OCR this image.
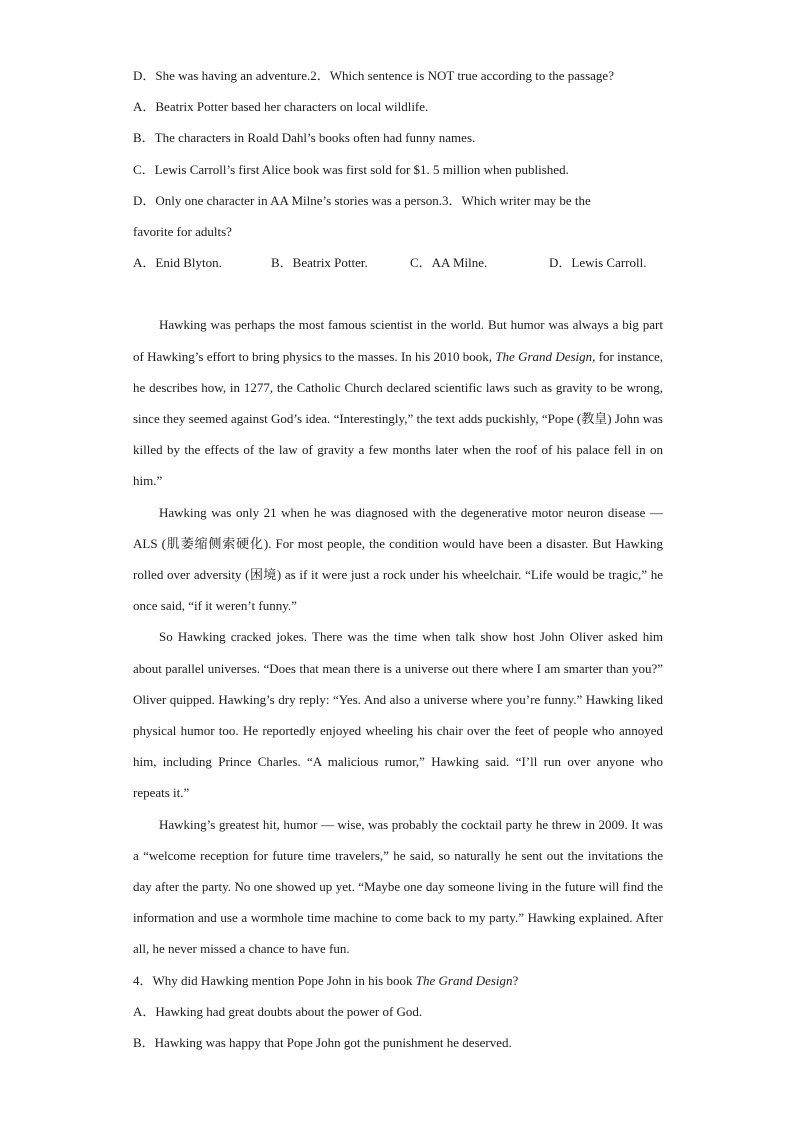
D．She was having an adventure.2．Which sentence is NOT true according to the passage?
A．Beatrix Potter based her characters on local wildlife.
B．The characters in Roald Dahl’s books often had funny names.
C．Lewis Carroll’s first Alice book was first sold for $1. 5 million when published.
D．Only one character in AA Milne’s stories was a person.3．Which writer may be the
favorite for adults?
A．Enid Blyton.	B．Beatrix Potter.	C．AA Milne.	D．Lewis Carroll.

Hawking was perhaps the most famous scientist in the world. But humor was always a big part of Hawking’s effort to bring physics to the masses. In his 2010 book, The Grand Design, for instance, he describes how, in 1277, the Catholic Church declared scientific laws such as gravity to be wrong, since they seemed against God’s idea. “Interestingly,” the text adds puckishly, “Pope (教皇) John was killed by the effects of the law of gravity a few months later when the roof of his palace fell in on him.”

Hawking was only 21 when he was diagnosed with the degenerative motor neuron disease — ALS (肌萎缩侧索硬化). For most people, the condition would have been a disaster. But Hawking rolled over adversity (困境) as if it were just a rock under his wheelchair. “Life would be tragic,” he once said, “if it weren’t funny.”

So Hawking cracked jokes. There was the time when talk show host John Oliver asked him about parallel universes. “Does that mean there is a universe out there where I am smarter than you?” Oliver quipped. Hawking’s dry reply: “Yes. And also a universe where you’re funny.” Hawking liked physical humor too. He reportedly enjoyed wheeling his chair over the feet of people who annoyed him, including Prince Charles. “A malicious rumor,” Hawking said. “I’ll run over anyone who repeats it.”

Hawking’s greatest hit, humor — wise, was probably the cocktail party he threw in 2009. It was a “welcome reception for future time travelers,” he said, so naturally he sent out the invitations the day after the party. No one showed up yet. “Maybe one day someone living in the future will find the information and use a wormhole time machine to come back to my party.” Hawking explained. After all, he never missed a chance to have fun.

4．Why did Hawking mention Pope John in his book The Grand Design?
A．Hawking had great doubts about the power of God.
B．Hawking was happy that Pope John got the punishment he deserved.
